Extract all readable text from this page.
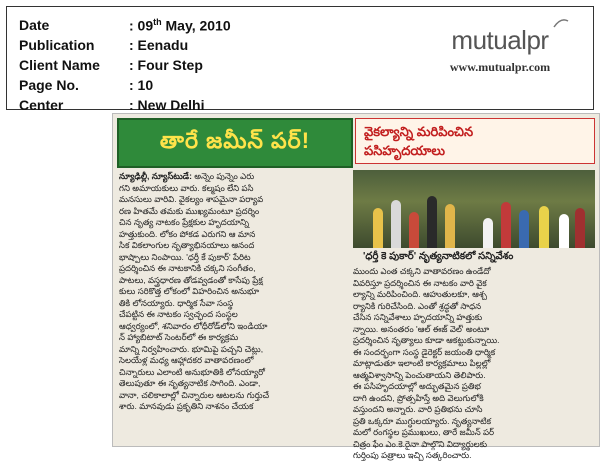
Date	: 09th May, 2010
Publication	: Eenadu
Client Name	: Four Step
Page No.	: 10
Center	: New Delhi
mutualpr
www.mutualpr.com
తారే జమీన్ పర్!	వైకల్యాన్ని మరిపించిన
పసిహృదయాలు
'ధర్తీ కె పుకార్' నృత్యనాటికలో సన్నివేశం
న్యూఢిల్లీ, న్యూస్‌టుడే: అన్నెం పున్నెం ఎరు
గని అమాయకులు వారు. కల్మషం లేని పసి
మనసులు వారివి. వైకల్యం శాపమైనా పర్యావ
రణ హితమే తమకు ముఖ్యమంటూ ప్రదర్శిం
చిన నృత్య నాటకం ప్రేక్షకుల హృదయాన్ని
హత్తుకుంది. లోకం పోకడ ఎరుగని ఆ మాన
సిక వికలాంగుల నృత్యాభినయాలు ఆనంద
భాష్పాలు నింపాయి. 'ధర్తీ కే పుకార్' పేరిట
ప్రదర్శించిన ఈ నాటకానికి చక్కని సంగీతం,
పాటలు, వస్త్రధారణ తోడవ్వడంతో కాసేపు ప్రేక్ష
కులు సరికొత్త లోకంలో విహరించిన అనుభూ
తికి లోనయ్యారు. ధార్మిక సేవా సంస్థ
చేపట్టిన ఈ నాటకం స్వచ్ఛంద సంస్థల
ఆధ్వర్యంలో, శనివారం లోధీరోడ్‌లోని ఇండియా
న్ హ్యాబిటాట్ సెంటర్‌లో ఈ కార్యక్రమ
మాన్ని నిర్వహించారు. భూమిపై పచ్చని చెట్లు,
సెలయేళ్ల మధ్య ఆహ్లాదకర వాతావరణంలో
చిన్నారులు ఎలాంటి అనుభూతికి లోనయ్యారో
తెలుపుతూ ఈ నృత్యనాటిక సాగింది. ఎండా,
వానా, చలికాలాల్లో చిన్నారుల ఆటలను గుర్తుచే
శారు. మానవుడు ప్రకృతిని నాశనం చేయక
ముందు ఎంత చక్కని వాతావరణం ఉండేదో
వివరిస్తూ ప్రదర్శించిన ఈ నాటకం వారి వైక
ల్యాన్ని మరిపించింది. ఆహుతులకూ, ఆశ్చ
ర్యానికి గురిచేసింది. ఎంతో శ్రద్ధతో సాధన
చేసిన సన్నివేశాలు హృదయాన్ని హత్తుకు
న్నాయి. అనంతరం 'ఆల్ ఈజ్ వెల్' అంటూ
ప్రదర్శించిన నృత్యాలు కూడా ఆకట్టుకున్నాయి.
ఈ సందర్భంగా సంస్థ డైరెక్టర్ జయంతి ధార్మిక
మాట్లాడుతూ ఇలాంటి కార్యక్రమాలు పిల్లల్లో
ఆత్మవిశ్వాసాన్ని పెంచుతాయని తెలిపారు.
ఈ పసిహృదయాల్లో అద్భుతమైన ప్రతిభ
దాగి ఉందని, ప్రోత్సహిస్తే అది వెలుగులోకి
వస్తుందని అన్నారు. వారి ప్రతిభను చూసి
ప్రతి ఒక్కరూ ముగ్ధులయ్యారు. నృత్యనాటిక
మలో రంగస్థల ప్రముఖులు, తారే జమీన్ పర్
చిత్రం ఫేం ఎం.కె.రైనా పాల్గొని విద్యార్థులకు
గుర్తింపు పత్రాలు ఇచ్చి సత్కరించారు.
